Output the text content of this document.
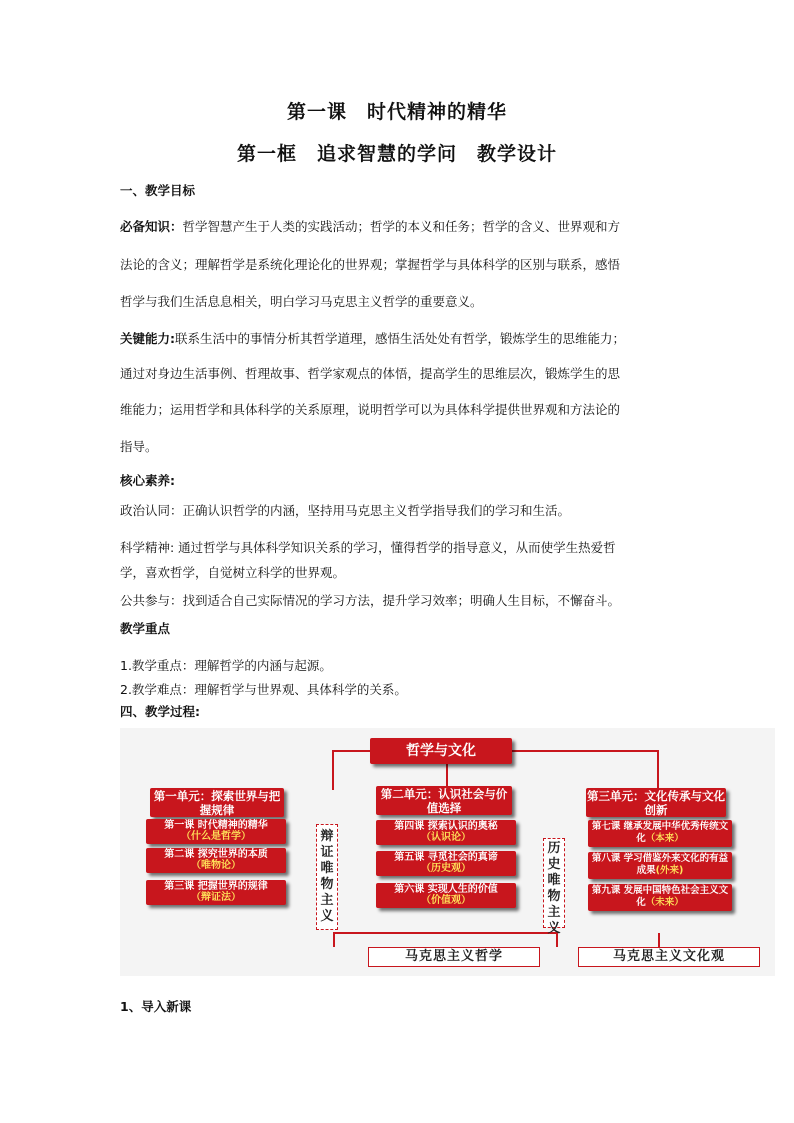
第一课　时代精神的精华
第一框　追求智慧的学问　教学设计
一、教学目标
必备知识：哲学智慧产生于人类的实践活动；哲学的本义和任务；哲学的含义、世界观和方
法论的含义；理解哲学是系统化理论化的世界观；掌握哲学与具体科学的区别与联系，感悟
哲学与我们生活息息相关，明白学习马克思主义哲学的重要意义。
关键能力:联系生活中的事情分析其哲学道理，感悟生活处处有哲学，锻炼学生的思维能力；
通过对身边生活事例、哲理故事、哲学家观点的体悟，提高学生的思维层次，锻炼学生的思
维能力；运用哲学和具体科学的关系原理，说明哲学可以为具体科学提供世界观和方法论的
指导。
核心素养:
政治认同：正确认识哲学的内涵，坚持用马克思主义哲学指导我们的学习和生活。
科学精神: 通过哲学与具体科学知识关系的学习，懂得哲学的指导意义，从而使学生热爱哲
学，喜欢哲学，自觉树立科学的世界观。
公共参与：找到适合自己实际情况的学习方法，提升学习效率；明确人生目标，不懈奋斗。
教学重点
1.教学重点：理解哲学的内涵与起源。
2.教学难点：理解哲学与世界观、具体科学的关系。
四、教学过程:
哲学与文化
第一单元：探索世界与把握规律
第二单元：认识社会与价值选择
第三单元：文化传承与文化创新
第一课 时代精神的精华
（什么是哲学）
第二课 探究世界的本质
（唯物论）
第三课 把握世界的规律
（辩证法）
辩证唯物主义
历史唯物主义
第四课 探索认识的奥秘
（认识论）
第五课 寻觅社会的真谛
（历史观）
第六课 实现人生的价值
（价值观）
第七课 继承发展中华优秀传统文化（本来）
第八课 学习借鉴外来文化的有益成果(外来)
第九课 发展中国特色社会主义文化（未来）
马克思主义哲学	马克思主义文化观
1、导入新课
